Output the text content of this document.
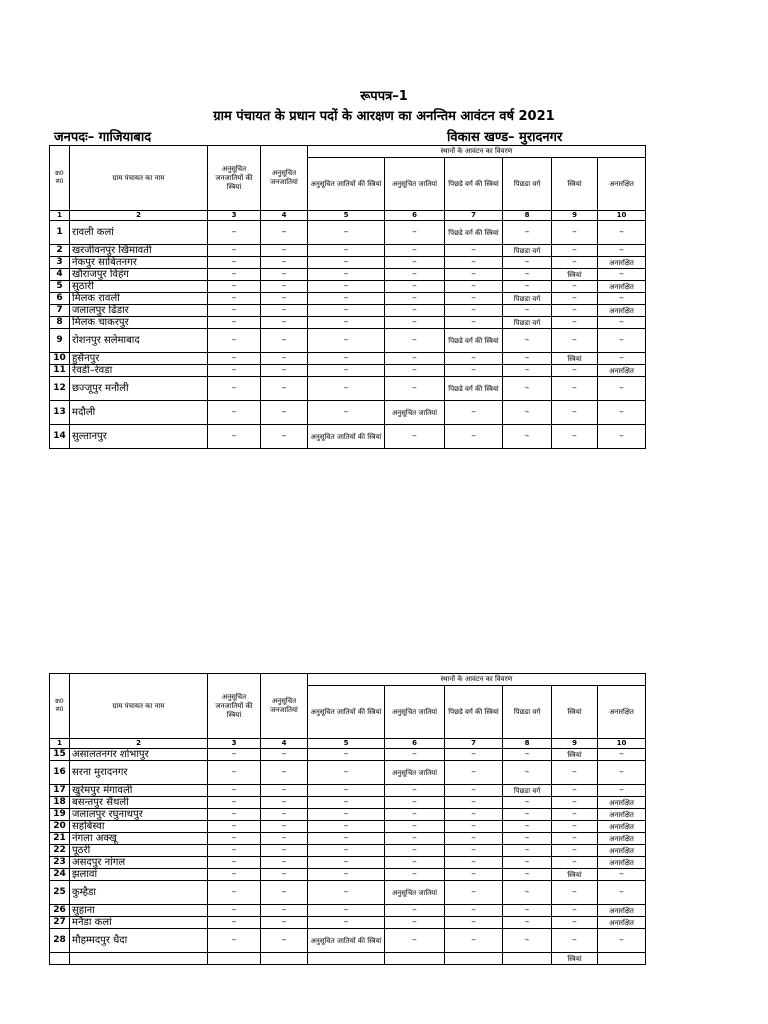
रूपपत्र–1
ग्राम पंचायत के प्रधान पदों के आरक्षण का अनन्तिम आवंटन वर्ष 2021
जनपदः– गाजियाबाद	विकास खण्ड– मुरादनगर
क्र0 सं0	ग्राम पंचायत का नाम	अनुसूचित जनजातियों की स्त्रियां	अनुसूचित जनजातियां	स्थानों के आवंटन का विवरण					
				अनुसूचित जातियों की स्त्रियां	अनुसूचित जातियां	पिछडे वर्ग की स्त्रियां	पिछडा वर्ग	स्त्रियां	अनारक्षित
1	2	3	4	5	6	7	8	9	10
1	रावली कलां	–	–	–	–	पिछडे वर्ग की स्त्रियां	–	–	–
2	खरजीवनपुर खिमावती	–	–	–	–	–	पिछडा वर्ग	–	–
3	नेकपुर साबितनगर	–	–	–	–	–	–	–	अनारक्षित
4	खौराजपुर विहंग	–	–	–	–	–	–	स्त्रियां	–
5	सुठारी	–	–	–	–	–	–	–	अनारक्षित
6	मिलक रावली	–	–	–	–	–	पिछडा वर्ग	–	–
7	जलालपुर ढिंडार	–	–	–	–	–	–	–	अनारक्षित
8	मिलक चाकरपुर	–	–	–	–	–	पिछडा वर्ग	–	–
9	रोशनपुर सलेमाबाद	–	–	–	–	पिछडे वर्ग की स्त्रियां	–	–	–
10	हुसैनपुर	–	–	–	–	–	–	स्त्रियां	–
11	रेवडी–रेवडा	–	–	–	–	–	–	–	अनारक्षित
12	छज्जूपुर मनौली	–	–	–	–	पिछडे वर्ग की स्त्रियां	–	–	–
13	मदौली	–	–	–	अनुसूचित जातियां	–	–	–	–
14	सुल्तानपुर	–	–	अनुसूचित जातियों की स्त्रियां	–	–	–	–	–
क्र0 सं0	ग्राम पंचायत का नाम	अनुसूचित जनजातियों की स्त्रियां	अनुसूचित जनजातियां	स्थानों के आवंटन का विवरण					
				अनुसूचित जातियों की स्त्रियां	अनुसूचित जातियां	पिछडे वर्ग की स्त्रियां	पिछडा वर्ग	स्त्रियां	अनारक्षित
1	2	3	4	5	6	7	8	9	10
15	असालतनगर शोभापुर	–	–	–	–	–	–	स्त्रियां	–
16	सरना मुरादनगर	–	–	–	अनुसूचित जातियां	–	–	–	–
17	खुर्रमपुर मंगावली	–	–	–	–	–	पिछडा वर्ग	–	–
18	बसन्तपुर सैंथली	–	–	–	–	–	–	–	अनारक्षित
19	जलालपुर रघुनाथपुर	–	–	–	–	–	–	–	अनारक्षित
20	सहबिस्वा	–	–	–	–	–	–	–	अनारक्षित
21	नंगला अक्खू	–	–	–	–	–	–	–	अनारक्षित
22	पूठरी	–	–	–	–	–	–	–	अनारक्षित
23	असदपुर नांगल	–	–	–	–	–	–	–	अनारक्षित
24	झलावां	–	–	–	–	–	–	स्त्रियां	–
25	कुम्हैडा	–	–	–	अनुसूचित जातियां	–	–	–	–
26	सुहाना	–	–	–	–	–	–	–	अनारक्षित
27	मनैडा कलां	–	–	–	–	–	–	–	अनारक्षित
28	मौहम्मदपुर धैदा	–	–	अनुसूचित जातियों की स्त्रियां	–	–	–	–	–
								स्त्रियां	
